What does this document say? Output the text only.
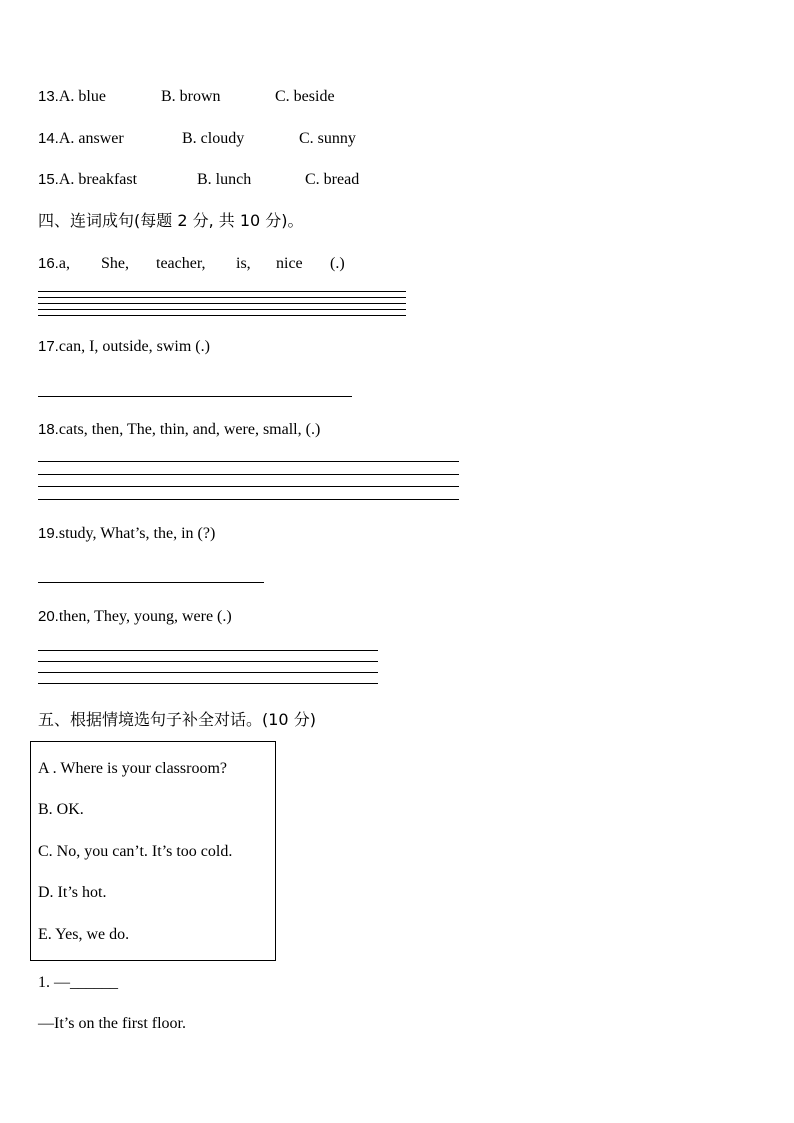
13.A. blue	B. brown	C. beside
14.A. answer	B. cloudy	C. sunny
15.A. breakfast	B. lunch	C. bread
四、连词成句(每题 2 分, 共 10 分)。
16.a, She, teacher, is, nice (.)
17.can, I, outside, swim (.)
18.cats, then, The, thin, and, were, small, (.)
19.study, What’s, the, in (?)
20.then, They, young, were (.)
五、根据情境选句子补全对话。(10 分)
A . Where is your classroom?
B. OK.
C. No, you can’t. It’s too cold.
D. It’s hot.
E. Yes, we do.
1. —______
—It’s on the first floor.
